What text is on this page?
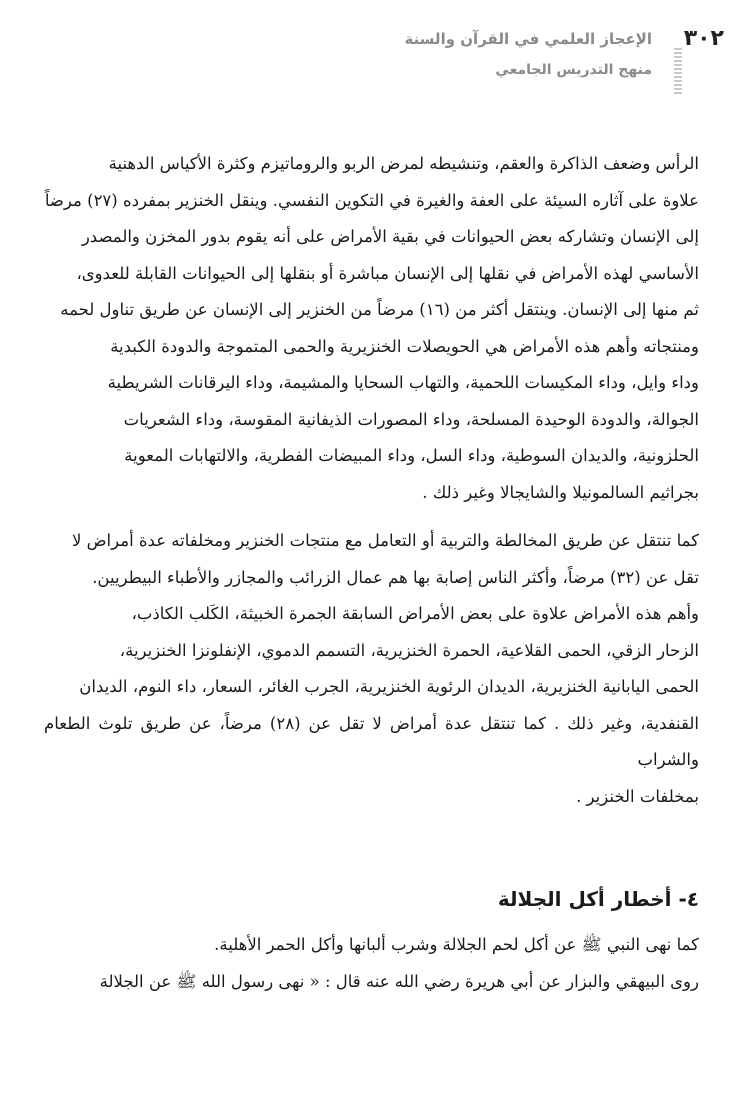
٣٠٢
الإعجاز العلمي في القرآن والسنة
منهج التدريس الجامعي
الرأس وضعف الذاكرة والعقم، وتنشيطه لمرض الربو والروماتيزم وكثرة الأكياس الدهنية
علاوة على آثاره السيئة على العفة والغيرة في التكوين النفسي. وينقل الخنزير بمفرده (٢٧) مرضاً
إلى الإنسان وتشاركه بعض الحيوانات في بقية الأمراض على أنه يقوم بدور المخزن والمصدر
الأساسي لهذه الأمراض في نقلها إلى الإنسان مباشرة أو بنقلها إلى الحيوانات القابلة للعدوى،
ثم منها إلى الإنسان. وينتقل أكثر من (١٦) مرضاً من الخنزير إلى الإنسان عن طريق تناول لحمه
ومنتجاته وأهم هذه الأمراض هي الحويصلات الخنزيرية والحمى المتموجة والدودة الكبدية
وداء وايل، وداء المكيسات اللحمية، والتهاب السحايا والمشيمة، وداء اليرقانات الشريطية
الجوالة، والدودة الوحيدة المسلحة، وداء المصورات الذيفانية المقوسة، وداء الشعريات
الحلزونية، والديدان السوطية، وداء السل، وداء المبيضات الفطرية، والالتهابات المعوية
بجراثيم السالمونيلا والشايجالا وغير ذلك .
كما تنتقل عن طريق المخالطة والتربية أو التعامل مع منتجات الخنزير ومخلفاته عدة أمراض لا
تقل عن (٣٢) مرضاً، وأكثر الناس إصابة بها هم عمال الزرائب والمجازر والأطباء البيطريين.
وأهم هذه الأمراض علاوة على بعض الأمراض السابقة الجمرة الخبيثة، الكَلب الكاذب،
الزحار الزقي، الحمى القلاعية، الحمرة الخنزيرية، التسمم الدموي، الإنفلونزا الخنزيرية،
الحمى اليابانية الخنزيرية، الديدان الرئوية الخنزيرية، الجرب الغائر، السعار، داء النوم، الديدان
القنفدية، وغير ذلك . كما تنتقل عدة أمراض لا تقل عن (٢٨) مرضاً، عن طريق تلوث الطعام والشراب
بمخلفات الخنزير .
٤- أخطار أكل الجلالة
كما نهى النبي ﷺ عن أكل لحم الجلالة وشرب ألبانها وأكل الحمر الأهلية.
روى البيهقي والبزار عن أبي هريرة رضي الله عنه قال : « نهى رسول الله ﷺ عن الجلالة
